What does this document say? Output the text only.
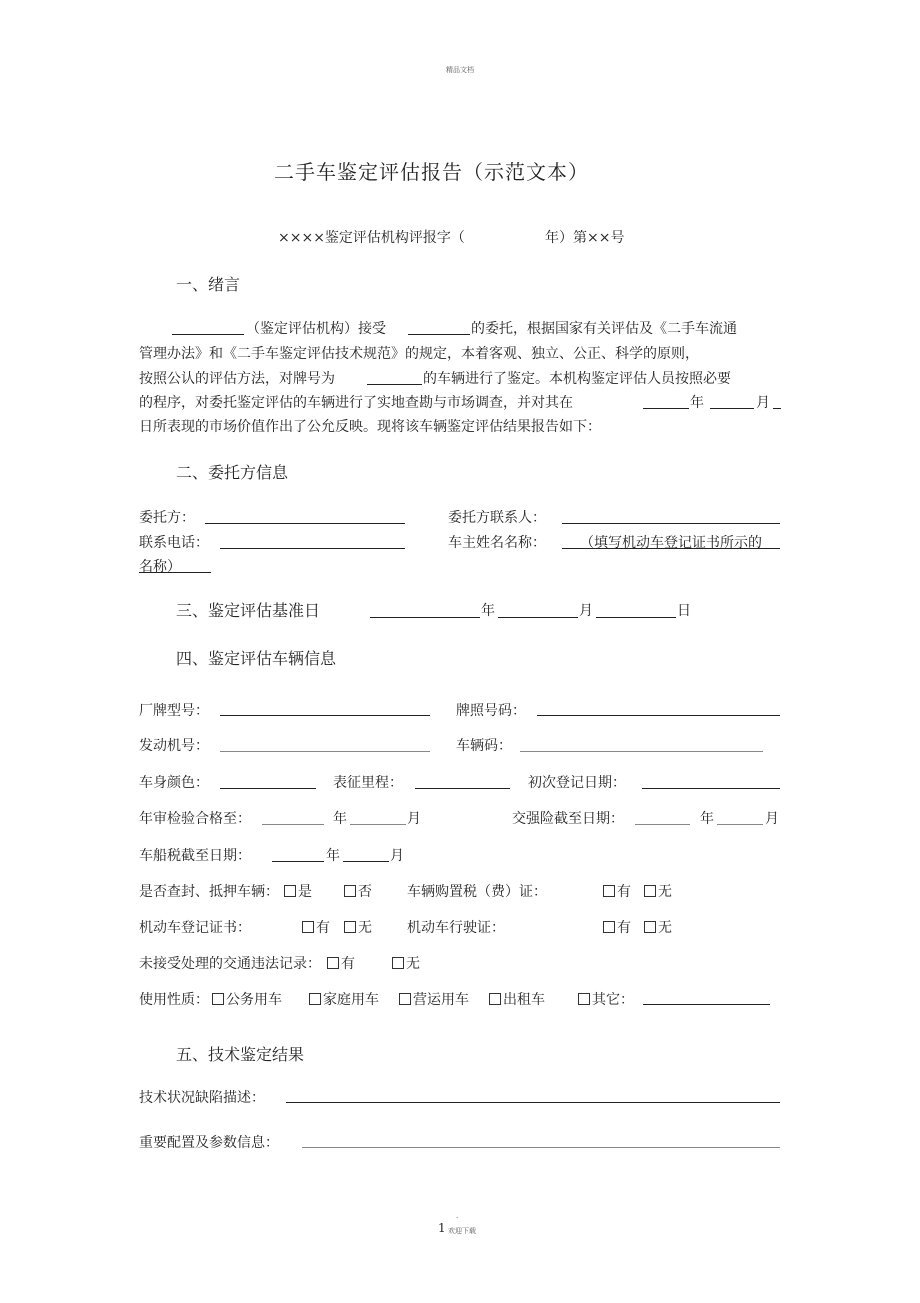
精品文档
二手车鉴定评估报告（示范文本）
××××鉴定评估机构评报字（	年）第××号
一、绪言
（鉴定评估机构）接受	的委托，根据国家有关评估及《二手车流通
管理办法》和《二手车鉴定评估技术规范》的规定，本着客观、独立、公正、科学的原则，
按照公认的评估方法，对牌号为	的车辆进行了鉴定。本机构鉴定评估人员按照必要
的程序，对委托鉴定评估的车辆进行了实地查勘与市场调查，并对其在	年	月
日所表现的市场价值作出了公允反映。现将该车辆鉴定评估结果报告如下：
二、委托方信息
委托方：	委托方联系人：
联系电话：	车主姓名名称： （填写机动车登记证书所示的
名称）
三、鉴定评估基准日	年	月	日
四、鉴定评估车辆信息
厂牌型号：	牌照号码：
发动机号：	车辆码：
车身颜色：	表征里程：	初次登记日期：
年审检验合格至：	年	月	交强险截至日期：	年	月
车船税截至日期：	年	月
是否查封、抵押车辆：	是	否	车辆购置税（费）证：	有	无
机动车登记证书：	有	无	机动车行驶证：	有	无
未接受处理的交通违法记录：	有	无
使用性质：	公务用车	家庭用车	营运用车	出租车	其它：
五、技术鉴定结果
技术状况缺陷描述：
重要配置及参数信息：
.
1 欢迎下载
